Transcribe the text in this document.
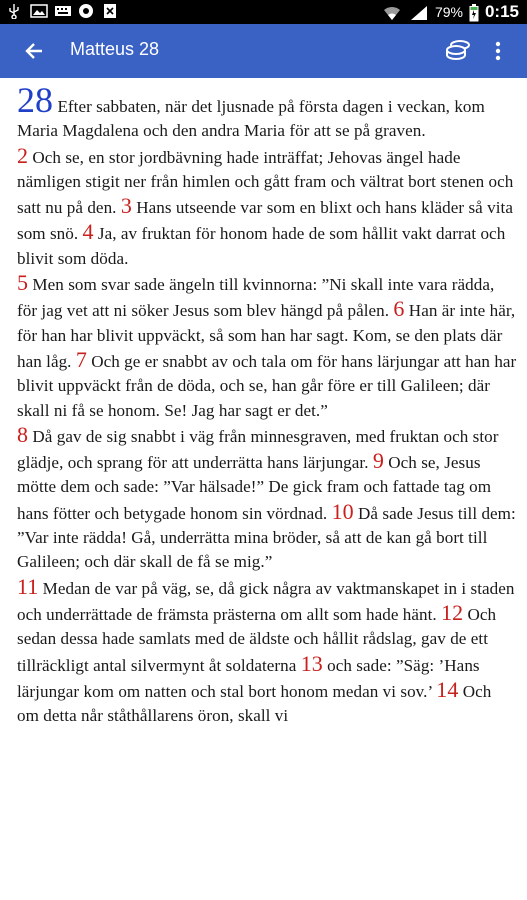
79% 0:15
Matteus 28

28 Efter sabbaten, när det ljusnade på första dagen i veckan, kom Maria Magdalena och den andra Maria för att se på graven.

2 Och se, en stor jordbävning hade inträffat; Jehovas ängel hade nämligen stigit ner från himlen och gått fram och vältrat bort stenen och satt nu på den. 3 Hans utseende var som en blixt och hans kläder så vita som snö. 4 Ja, av fruktan för honom hade de som hållit vakt darrat och blivit som döda.

5 Men som svar sade ängeln till kvinnorna: ”Ni skall inte vara rädda, för jag vet att ni söker Jesus som blev hängd på pålen. 6 Han är inte här, för han har blivit uppväckt, så som han har sagt. Kom, se den plats där han låg. 7 Och ge er snabbt av och tala om för hans lärjungar att han har blivit uppväckt från de döda, och se, han går före er till Galileen; där skall ni få se honom. Se! Jag har sagt er det.”

8 Då gav de sig snabbt i väg från minnesgraven, med fruktan och stor glädje, och sprang för att underrätta hans lärjungar. 9 Och se, Jesus mötte dem och sade: ”Var hälsade!” De gick fram och fattade tag om hans fötter och betygade honom sin vördnad. 10 Då sade Jesus till dem: ”Var inte rädda! Gå, underrätta mina bröder, så att de kan gå bort till Galileen; och där skall de få se mig.”

11 Medan de var på väg, se, då gick några av vaktmanskapet in i staden och underrättade de främsta prästerna om allt som hade hänt. 12 Och sedan dessa hade samlats med de äldste och hållit rådslag, gav de ett tillräckligt antal silvermynt åt soldaterna 13 och sade: ”Säg: ’Hans lärjungar kom om natten och stal bort honom medan vi sov.’ 14 Och om detta når ståthållarens öron, skall vi
